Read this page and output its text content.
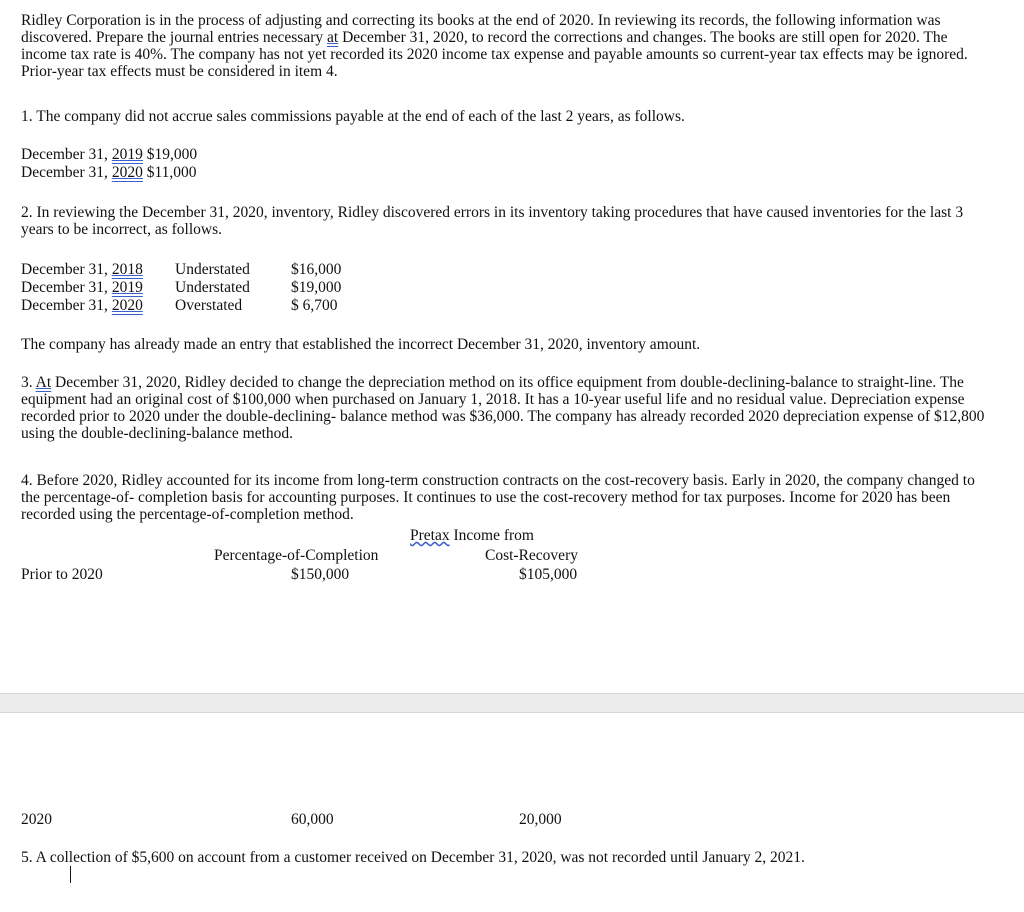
Ridley Corporation is in the process of adjusting and correcting its books at the end of 2020. In reviewing its records, the following information was discovered. Prepare the journal entries necessary at December 31, 2020, to record the corrections and changes. The books are still open for 2020. The income tax rate is 40%. The company has not yet recorded its 2020 income tax expense and payable amounts so current-year tax effects may be ignored. Prior-year tax effects must be considered in item 4.

1. The company did not accrue sales commissions payable at the end of each of the last 2 years, as follows.

December 31, 2019 $19,000
December 31, 2020 $11,000

2. In reviewing the December 31, 2020, inventory, Ridley discovered errors in its inventory taking procedures that have caused inventories for the last 3 years to be incorrect, as follows.

December 31, 2018 Understated	$16,000
December 31, 2019 Understated	$19,000
December 31, 2020 Overstated	$ 6,700

The company has already made an entry that established the incorrect December 31, 2020, inventory amount.

3. At December 31, 2020, Ridley decided to change the depreciation method on its office equipment from double-declining-balance to straight-line. The equipment had an original cost of $100,000 when purchased on January 1, 2018. It has a 10-year useful life and no residual value. Depreciation expense recorded prior to 2020 under the double-declining- balance method was $36,000. The company has already recorded 2020 depreciation expense of $12,800 using the double-declining-balance method.

4. Before 2020, Ridley accounted for its income from long-term construction contracts on the cost-recovery basis. Early in 2020, the company changed to the percentage-of- completion basis for accounting purposes. It continues to use the cost-recovery method for tax purposes. Income for 2020 has been recorded using the percentage-of-completion method.

Pretax Income from
Percentage-of-Completion	Cost-Recovery
Prior to 2020	$150,000	$105,000
2020	60,000	20,000

5. A collection of $5,600 on account from a customer received on December 31, 2020, was not recorded until January 2, 2021.
